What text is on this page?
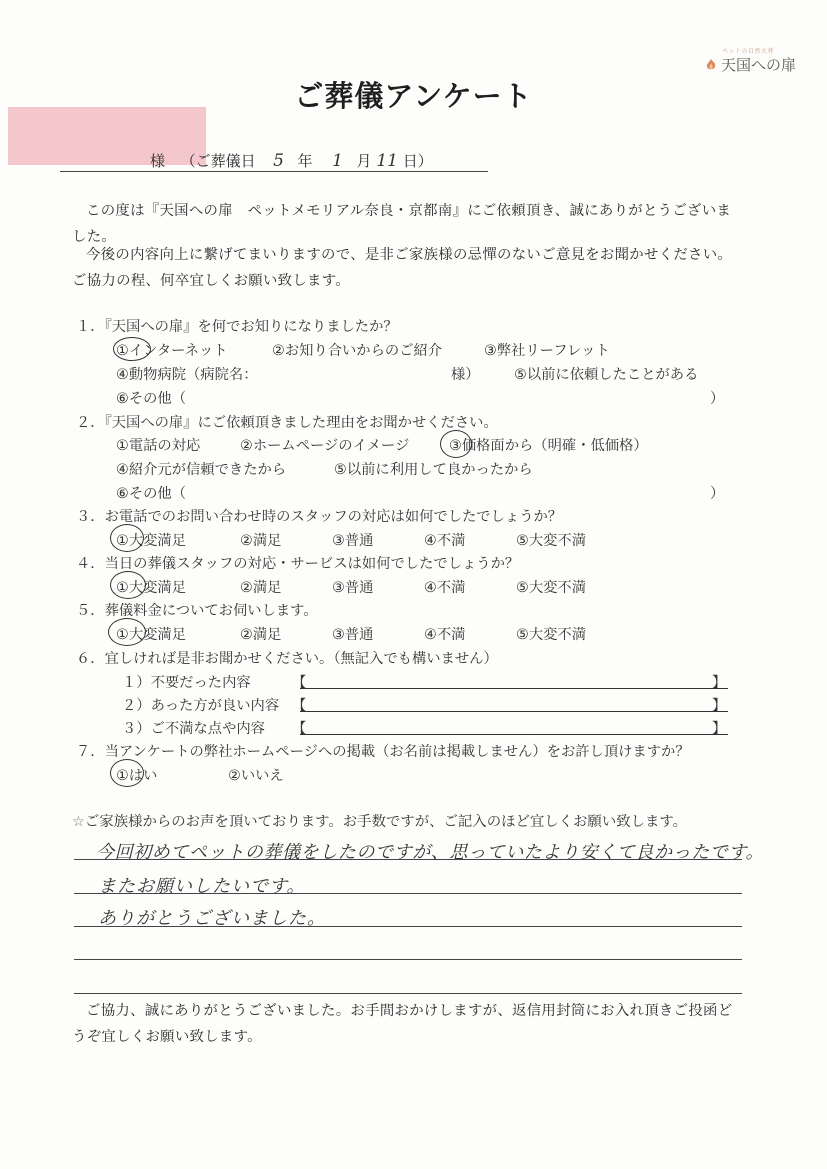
ペットの自然火葬
天国への扉
ご葬儀アンケート
様 （ご葬儀日 5 年 1 月 11 日）
この度は『天国への扉　ペットメモリアル奈良・京都南』にご依頼頂き、誠にありがとうございました。
今後の内容向上に繋げてまいりますので、是非ご家族様の忌憚のないご意見をお聞かせください。ご協力の程、何卒宜しくお願い致します。
１．『天国への扉』を何でお知りになりましたか？
①インターネット	②お知り合いからのご紹介	③弊社リーフレット
④動物病院（病院名：	様） ⑤以前に依頼したことがある
⑥その他（	）
２．『天国への扉』にご依頼頂きました理由をお聞かせください。
①電話の対応	②ホームページのイメージ	③価格面から（明確・低価格）
④紹介元が信頼できたから	⑤以前に利用して良かったから
⑥その他（	）
３．お電話でのお問い合わせ時のスタッフの対応は如何でしたでしょうか？
①大変満足	②満足	③普通	④不満	⑤大変不満
４．当日の葬儀スタッフの対応・サービスは如何でしたでしょうか？
①大変満足	②満足	③普通	④不満	⑤大変不満
５．葬儀料金についてお伺いします。
①大変満足	②満足	③普通	④不満	⑤大変不満
６．宜しければ是非お聞かせください。（無記入でも構いません）
１）不要だった内容	【	】
２）あった方が良い内容 【	】
３）ご不満な点や内容 【	】
７．当アンケートの弊社ホームページへの掲載（お名前は掲載しません）をお許し頂けますか？
①はい	②いいえ
☆ご家族様からのお声を頂いております。お手数ですが、ご記入のほど宜しくお願い致します。
今回初めてペットの葬儀をしたのですが、思っていたより安くて良かったです。
またお願いしたいです。
ありがとうございました。
ご協力、誠にありがとうございました。お手間おかけしますが、返信用封筒にお入れ頂きご投函どうぞ宜しくお願い致します。
